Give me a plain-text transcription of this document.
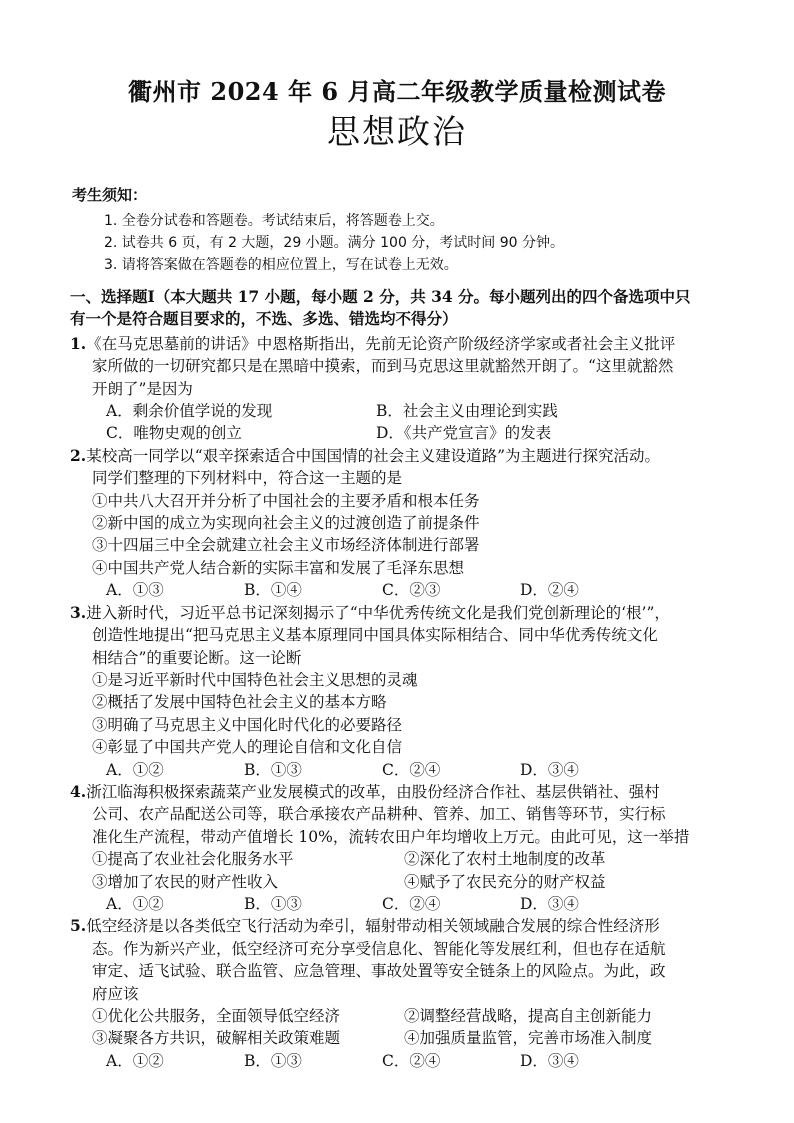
衢州市 2024 年 6 月高二年级教学质量检测试卷
思想政治
考生须知：
1. 全卷分试卷和答题卷。考试结束后，将答题卷上交。
2. 试卷共 6 页，有 2 大题，29 小题。满分 100 分，考试时间 90 分钟。
3. 请将答案做在答题卷的相应位置上，写在试卷上无效。
一、选择题Ⅰ（本大题共 17 小题，每小题 2 分，共 34 分。每小题列出的四个备选项中只
有一个是符合题目要求的，不选、多选、错选均不得分）
1.《在马克思墓前的讲话》中恩格斯指出，先前无论资产阶级经济学家或者社会主义批评
家所做的一切研究都只是在黑暗中摸索，而到马克思这里就豁然开朗了。“这里就豁然
开朗了”是因为
A．剩余价值学说的发现	B．社会主义由理论到实践
C．唯物史观的创立	D．《共产党宣言》的发表
2.某校高一同学以“艰辛探索适合中国国情的社会主义建设道路”为主题进行探究活动。
同学们整理的下列材料中，符合这一主题的是
①中共八大召开并分析了中国社会的主要矛盾和根本任务
②新中国的成立为实现向社会主义的过渡创造了前提条件
③十四届三中全会就建立社会主义市场经济体制进行部署
④中国共产党人结合新的实际丰富和发展了毛泽东思想
A．①③	B．①④	C．②③	D．②④
3.进入新时代，习近平总书记深刻揭示了“中华优秀传统文化是我们党创新理论的‘根’”，
创造性地提出“把马克思主义基本原理同中国具体实际相结合、同中华优秀传统文化
相结合”的重要论断。这一论断
①是习近平新时代中国特色社会主义思想的灵魂
②概括了发展中国特色社会主义的基本方略
③明确了马克思主义中国化时代化的必要路径
④彰显了中国共产党人的理论自信和文化自信
A．①②	B．①③	C．②④	D．③④
4.浙江临海积极探索蔬菜产业发展模式的改革，由股份经济合作社、基层供销社、强村
公司、农产品配送公司等，联合承接农产品耕种、管养、加工、销售等环节，实行标
准化生产流程，带动产值增长 10%，流转农田户年均增收上万元。由此可见，这一举措
①提高了农业社会化服务水平	②深化了农村土地制度的改革
③增加了农民的财产性收入	④赋予了农民充分的财产权益
A．①②	B．①③	C．②④	D．③④
5.低空经济是以各类低空飞行活动为牵引，辐射带动相关领域融合发展的综合性经济形
态。作为新兴产业，低空经济可充分享受信息化、智能化等发展红利，但也存在适航
审定、适飞试验、联合监管、应急管理、事故处置等安全链条上的风险点。为此，政
府应该
①优化公共服务，全面领导低空经济	②调整经营战略，提高自主创新能力
③凝聚各方共识，破解相关政策难题	④加强质量监管，完善市场准入制度
A．①②	B．①③	C．②④	D．③④
